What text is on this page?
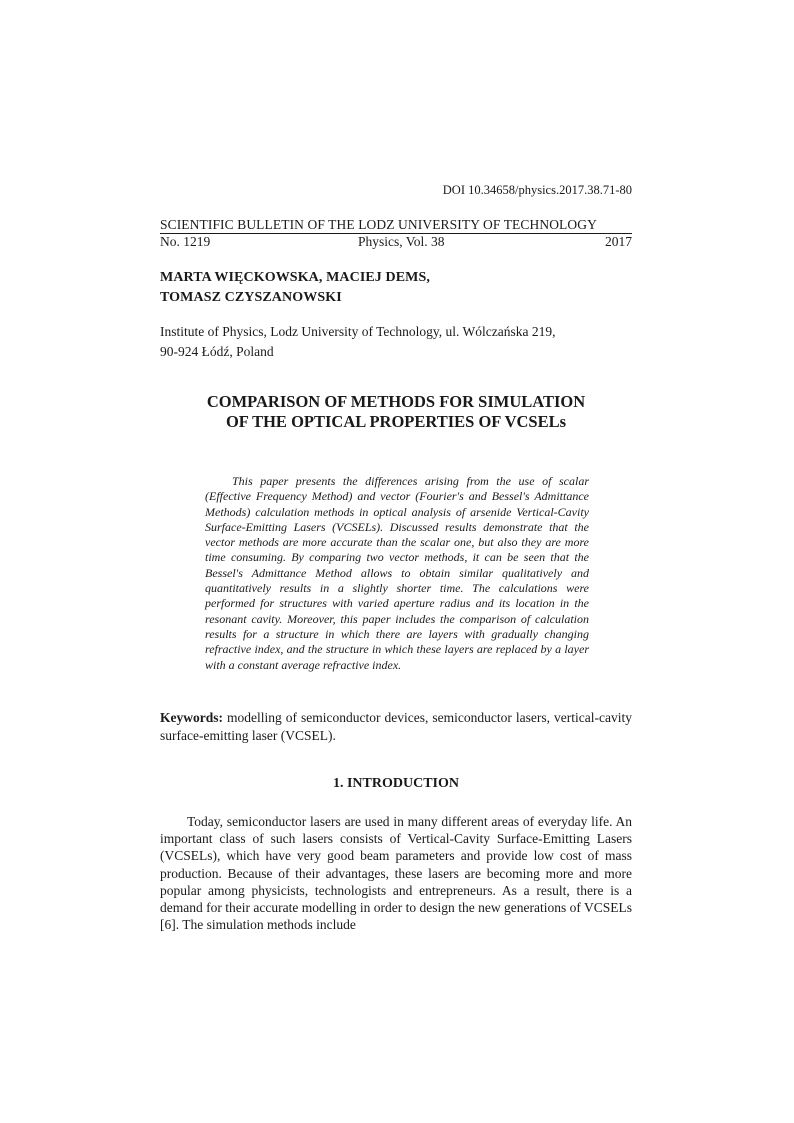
DOI 10.34658/physics.2017.38.71-80
SCIENTIFIC BULLETIN OF THE LODZ UNIVERSITY OF TECHNOLOGY
No. 1219	Physics, Vol. 38	2017
MARTA WIĘCKOWSKA, MACIEJ DEMS,
TOMASZ CZYSZANOWSKI
Institute of Physics, Lodz University of Technology, ul. Wólczańska 219,
90-924 Łódź, Poland
COMPARISON OF METHODS FOR SIMULATION
OF THE OPTICAL PROPERTIES OF VCSELs
This paper presents the differences arising from the use of scalar (Effective Frequency Method) and vector (Fourier's and Bessel's Admittance Methods) calculation methods in optical analysis of arsenide Vertical-Cavity Surface-Emitting Lasers (VCSELs). Discussed results demonstrate that the vector methods are more accurate than the scalar one, but also they are more time consuming. By comparing two vector methods, it can be seen that the Bessel's Admittance Method allows to obtain similar qualitatively and quantitatively results in a slightly shorter time. The calculations were performed for structures with varied aperture radius and its location in the resonant cavity. Moreover, this paper includes the comparison of calculation results for a structure in which there are layers with gradually changing refractive index, and the structure in which these layers are replaced by a layer with a constant average refractive index.
Keywords: modelling of semiconductor devices, semiconductor lasers, vertical-cavity surface-emitting laser (VCSEL).
1. INTRODUCTION
Today, semiconductor lasers are used in many different areas of everyday life. An important class of such lasers consists of Vertical-Cavity Surface-Emitting Lasers (VCSELs), which have very good beam parameters and provide low cost of mass production. Because of their advantages, these lasers are becoming more and more popular among physicists, technologists and entrepreneurs. As a result, there is a demand for their accurate modelling in order to design the new generations of VCSELs [6]. The simulation methods include
